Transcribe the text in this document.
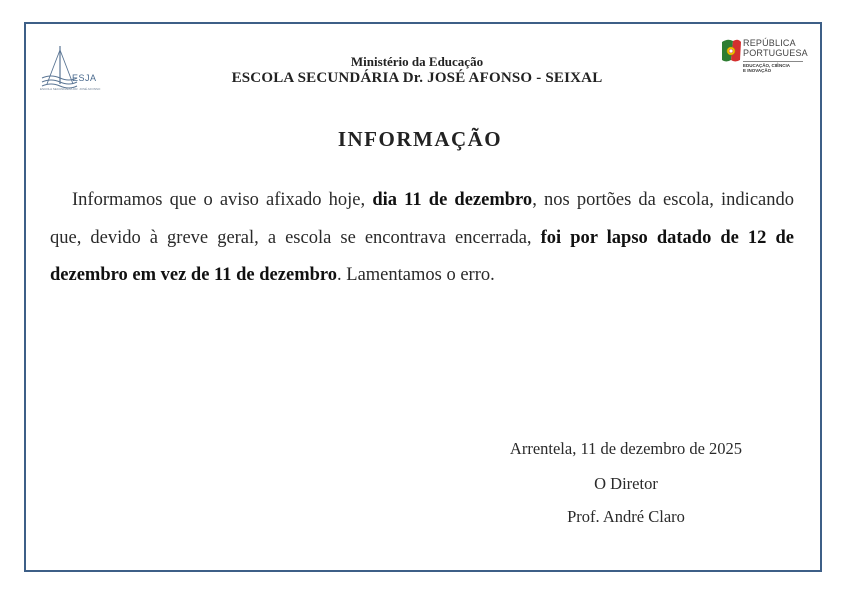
ESJA
ESCOLA SECUNDÁRIA DR. JOSÉ AFONSO
Ministério da Educação
ESCOLA SECUNDÁRIA Dr. JOSÉ AFONSO - SEIXAL
REPÚBLICA
PORTUGUESA
EDUCAÇÃO, CIÊNCIA
E INOVAÇÃO
INFORMAÇÃO
Informamos que o aviso afixado hoje, dia 11 de dezembro, nos portões da escola, indicando que, devido à greve geral, a escola se encontrava encerrada, foi por lapso datado de 12 de dezembro em vez de 11 de dezembro. Lamentamos o erro.
Arrentela, 11 de dezembro de 2025
O Diretor
Prof. André Claro
